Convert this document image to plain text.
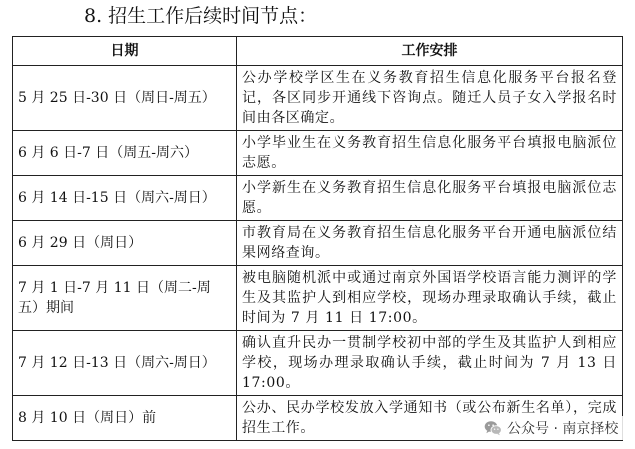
8. 招生工作后续时间节点：
日期	工作安排
5 月 25 日-30 日（周日-周五）	公办学校学区生在义务教育招生信息化服务平台报名登记，各区同步开通线下咨询点。随迁人员子女入学报名时间由各区确定。
6 月 6 日-7 日（周五-周六）	小学毕业生在义务教育招生信息化服务平台填报电脑派位志愿。
6 月 14 日-15 日（周六-周日）	小学新生在义务教育招生信息化服务平台填报电脑派位志愿。
6 月 29 日（周日）	市教育局在义务教育招生信息化服务平台开通电脑派位结果网络查询。
7 月 1 日-7 月 11 日（周二-周五）期间	被电脑随机派中或通过南京外国语学校语言能力测评的学生及其监护人到相应学校，现场办理录取确认手续，截止时间为 7 月 11 日 17:00。
7 月 12 日-13 日（周六-周日）	确认直升民办一贯制学校初中部的学生及其监护人到相应学校，现场办理录取确认手续，截止时间为 7 月 13 日 17:00。
8 月 10 日（周日）前	公办、民办学校发放入学通知书（或公布新生名单），完成招生工作。	公众号 · 南京择校
